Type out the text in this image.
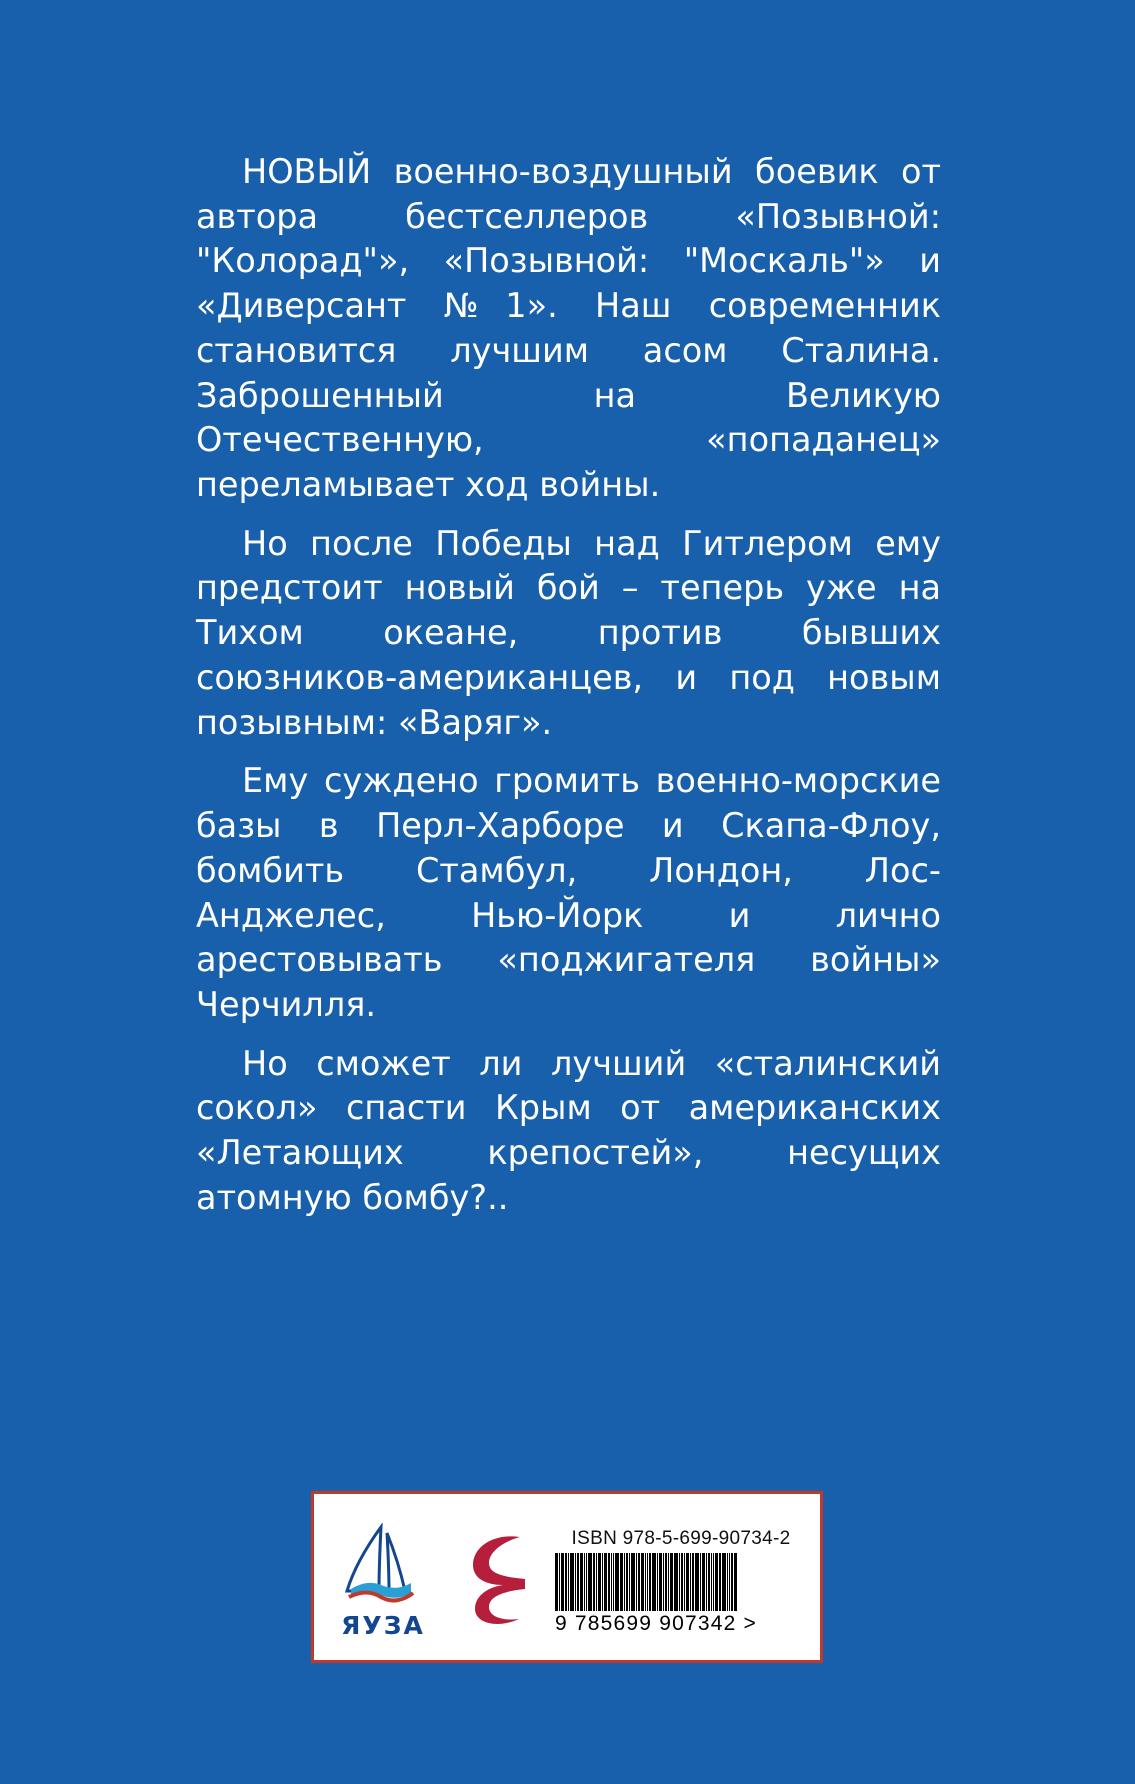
НОВЫЙ военно-воздушный боевик от автора бестселлеров «Позывной: "Колорад"», «Позывной: "Москаль"» и «Диверсант №1». Наш современник становится лучшим асом Сталина. Заброшенный на Великую Отечественную, «попаданец» переламывает ход войны.

Но после Победы над Гитлером ему предстоит новый бой – теперь уже на Тихом океане, против бывших союзников-американцев, и под новым позывным: «Варяг».

Ему суждено громить военно-морские базы в Перл-Харборе и Скапа-Флоу, бомбить Стамбул, Лондон, Лос-Анджелес, Нью-Йорк и лично арестовывать «поджигателя войны» Черчилля.

Но сможет ли лучший «сталинский сокол» спасти Крым от американских «Летающих крепостей», несущих атомную бомбу?..

ЯУЗА
ISBN 978-5-699-90734-2
9 785699 907342 >
